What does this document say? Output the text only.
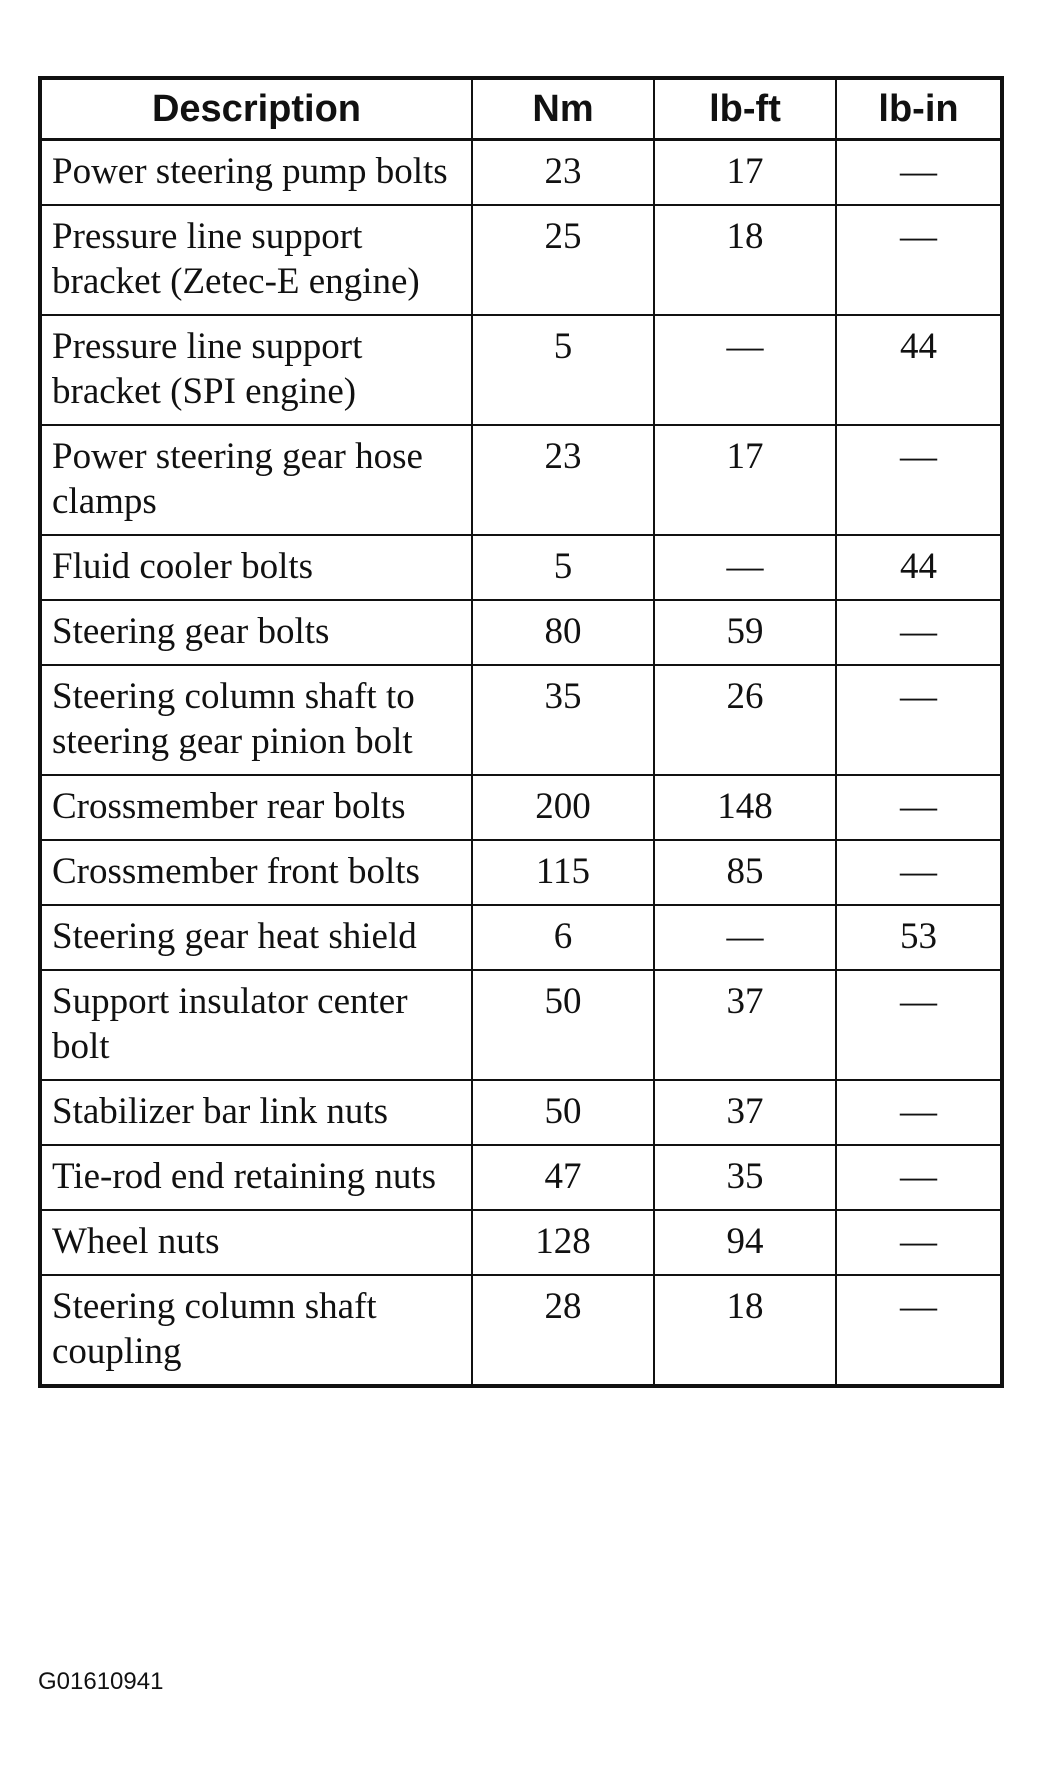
Description	Nm	lb-ft	lb-in
Power steering pump bolts	23	17	—
Pressure line support bracket (Zetec-E engine)	25	18	—
Pressure line support bracket (SPI engine)	5	—	44
Power steering gear hose clamps	23	17	—
Fluid cooler bolts	5	—	44
Steering gear bolts	80	59	—
Steering column shaft to steering gear pinion bolt	35	26	—
Crossmember rear bolts	200	148	—
Crossmember front bolts	115	85	—
Steering gear heat shield	6	—	53
Support insulator center bolt	50	37	—
Stabilizer bar link nuts	50	37	—
Tie-rod end retaining nuts	47	35	—
Wheel nuts	128	94	—
Steering column shaft coupling	28	18	—
G01610941
